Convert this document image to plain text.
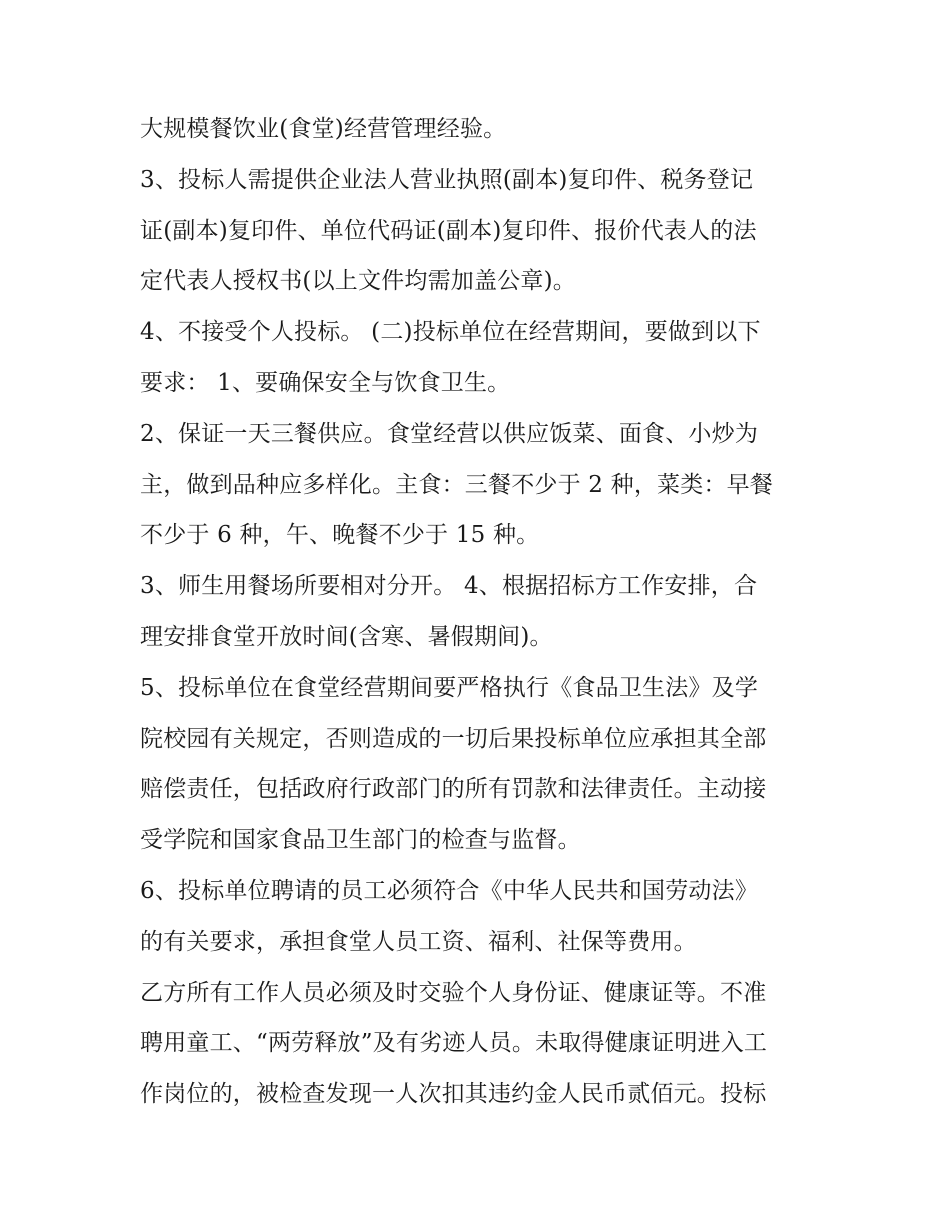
大规模餐饮业(食堂)经营管理经验。
3、投标人需提供企业法人营业执照(副本)复印件、税务登记
证(副本)复印件、单位代码证(副本)复印件、报价代表人的法
定代表人授权书(以上文件均需加盖公章)。
4、不接受个人投标。 (二)投标单位在经营期间，要做到以下
要求： 1、要确保安全与饮食卫生。
2、保证一天三餐供应。食堂经营以供应饭菜、面食、小炒为
主，做到品种应多样化。主食：三餐不少于 2 种，菜类：早餐
不少于 6 种，午、晚餐不少于 15 种。
3、师生用餐场所要相对分开。 4、根据招标方工作安排，合
理安排食堂开放时间(含寒、暑假期间)。
5、投标单位在食堂经营期间要严格执行《食品卫生法》及学
院校园有关规定，否则造成的一切后果投标单位应承担其全部
赔偿责任，包括政府行政部门的所有罚款和法律责任。主动接
受学院和国家食品卫生部门的检查与监督。
6、投标单位聘请的员工必须符合《中华人民共和国劳动法》
的有关要求，承担食堂人员工资、福利、社保等费用。
乙方所有工作人员必须及时交验个人身份证、健康证等。不准
聘用童工、“两劳释放”及有劣迹人员。未取得健康证明进入工
作岗位的，被检查发现一人次扣其违约金人民币贰佰元。投标
